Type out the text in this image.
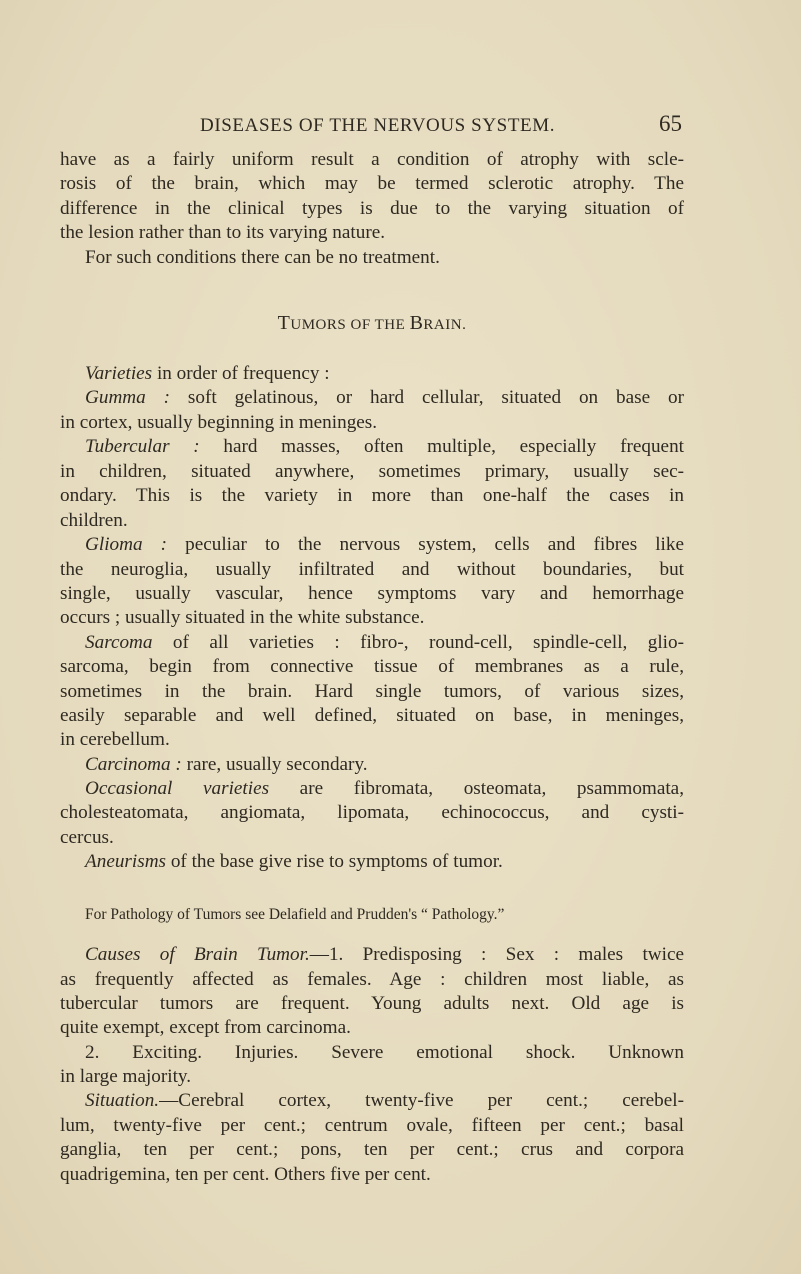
DISEASES OF THE NERVOUS SYSTEM.	65
have as a fairly uniform result a condition of atrophy with scle-
rosis of the brain, which may be termed sclerotic atrophy. The
difference in the clinical types is due to the varying situation of
the lesion rather than to its varying nature.
For such conditions there can be no treatment.
TUMORS OF THE BRAIN.
Varieties in order of frequency :
Gumma : soft gelatinous, or hard cellular, situated on base or
in cortex, usually beginning in meninges.
Tubercular : hard masses, often multiple, especially frequent
in children, situated anywhere, sometimes primary, usually sec-
ondary. This is the variety in more than one-half the cases in
children.
Glioma : peculiar to the nervous system, cells and fibres like
the neuroglia, usually infiltrated and without boundaries, but
single, usually vascular, hence symptoms vary and hemorrhage
occurs ; usually situated in the white substance.
Sarcoma of all varieties : fibro-, round-cell, spindle-cell, glio-
sarcoma, begin from connective tissue of membranes as a rule,
sometimes in the brain. Hard single tumors, of various sizes,
easily separable and well defined, situated on base, in meninges,
in cerebellum.
Carcinoma : rare, usually secondary.
Occasional varieties are fibromata, osteomata, psammomata,
cholesteatomata, angiomata, lipomata, echinococcus, and cysti-
cercus.
Aneurisms of the base give rise to symptoms of tumor.
For Pathology of Tumors see Delafield and Prudden's “ Pathology.”
Causes of Brain Tumor.—1. Predisposing : Sex : males twice
as frequently affected as females. Age : children most liable, as
tubercular tumors are frequent. Young adults next. Old age is
quite exempt, except from carcinoma.
2. Exciting. Injuries. Severe emotional shock. Unknown
in large majority.
Situation.—Cerebral cortex, twenty-five per cent.; cerebel-
lum, twenty-five per cent.; centrum ovale, fifteen per cent.; basal
ganglia, ten per cent.; pons, ten per cent.; crus and corpora
quadrigemina, ten per cent. Others five per cent.
